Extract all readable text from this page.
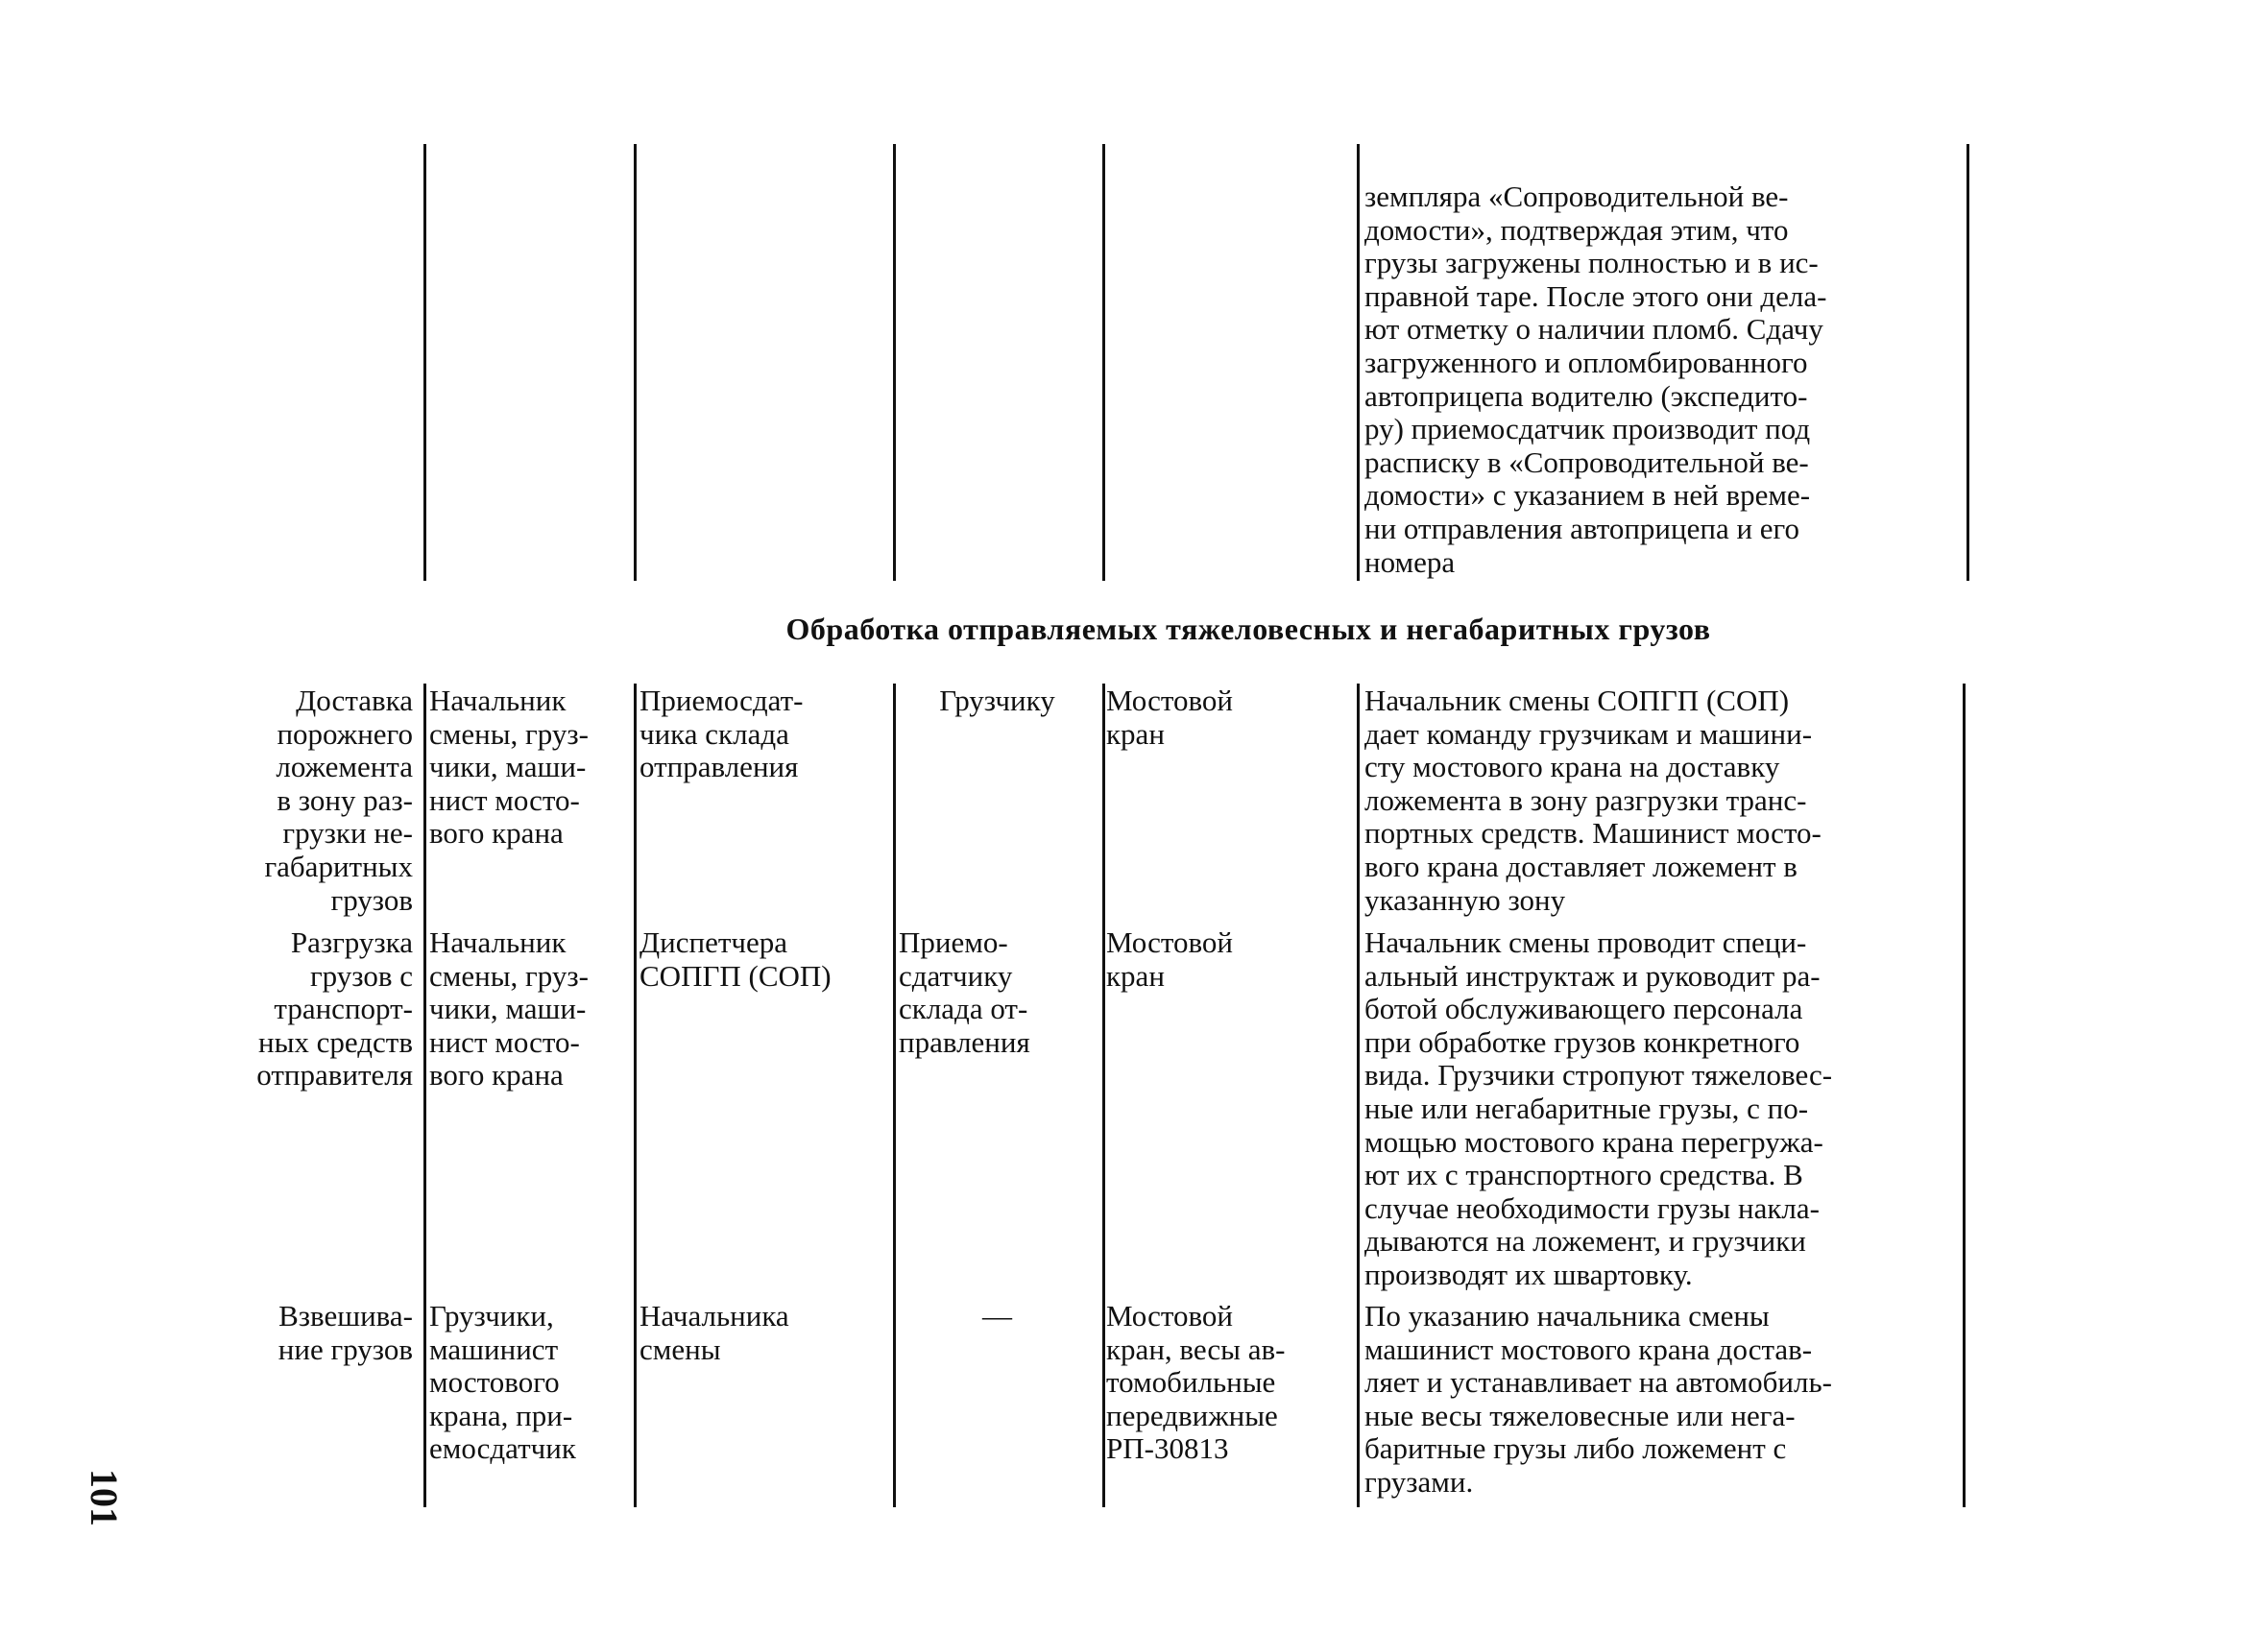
земпляра «Сопроводительной ве-
домости», подтверждая этим, что
грузы загружены полностью и в ис-
правной таре. После этого они дела-
ют отметку о наличии пломб. Сдачу
загруженного и опломбированного
автоприцепа водителю (экспедито-
ру) приемосдатчик производит под
расписку в «Сопроводительной ве-
домости» с указанием в ней време-
ни отправления автоприцепа и его
номера
Обработка отправляемых тяжеловесных и негабаритных грузов
Доставка
порожнего
ложемента
в зону раз-
грузки не-
габаритных
грузов
Начальник
смены, груз-
чики, маши-
нист мосто-
вого крана
Приемосдат-
чика склада
отправления
Грузчику	Мостовой
кран
Начальник смены СОПГП (СОП)
дает команду грузчикам и машини-
сту мостового крана на доставку
ложемента в зону разгрузки транс-
портных средств. Машинист мосто-
вого крана доставляет ложемент в
указанную зону
Разгрузка
грузов с
транспорт-
ных средств
отправителя
Начальник
смены, груз-
чики, маши-
нист мосто-
вого крана
Диспетчера
СОПГП (СОП)
Приемо-
сдатчику
склада от-
правления
Мостовой
кран
Начальник смены проводит специ-
альный инструктаж и руководит ра-
ботой обслуживающего персонала
при обработке грузов конкретного
вида. Грузчики стропуют тяжеловес-
ные или негабаритные грузы, с по-
мощью мостового крана перегружа-
ют их с транспортного средства. В
случае необходимости грузы накла-
дываются на ложемент, и грузчики
производят их швартовку.
Взвешива-
ние грузов
Грузчики,
машинист
мостового
крана, при-
емосдатчик
Начальника
смены
—	Мостовой
кран, весы ав-
томобильные
передвижные
РП-30813
По указанию начальника смены
машинист мостового крана достав-
ляет и устанавливает на автомобиль-
ные весы тяжеловесные или нега-
баритные грузы либо ложемент с
грузами.
101
